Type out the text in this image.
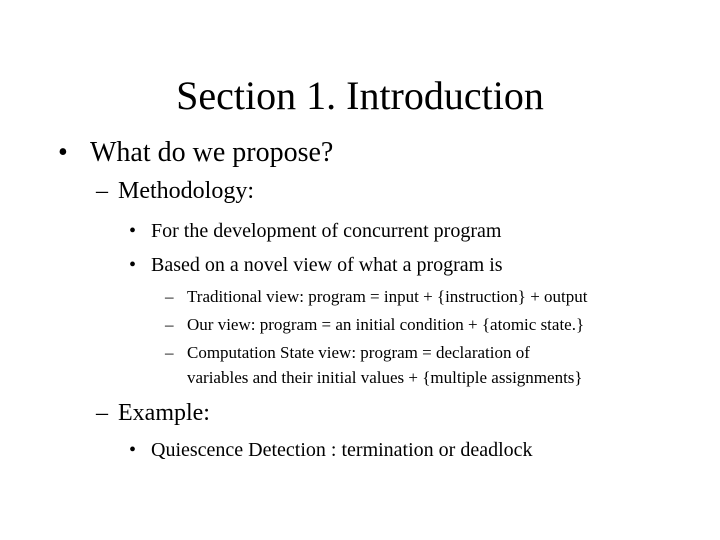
Section 1. Introduction
• What do we propose?
– Methodology:
• For the development of concurrent program
• Based on a novel view of what a program is
– Traditional view: program = input + {instruction} + output
– Our view: program = an initial condition + {atomic state.}
– Computation State view: program = declaration of
variables and their initial values + {multiple assignments}
– Example:
• Quiescence Detection : termination or deadlock
